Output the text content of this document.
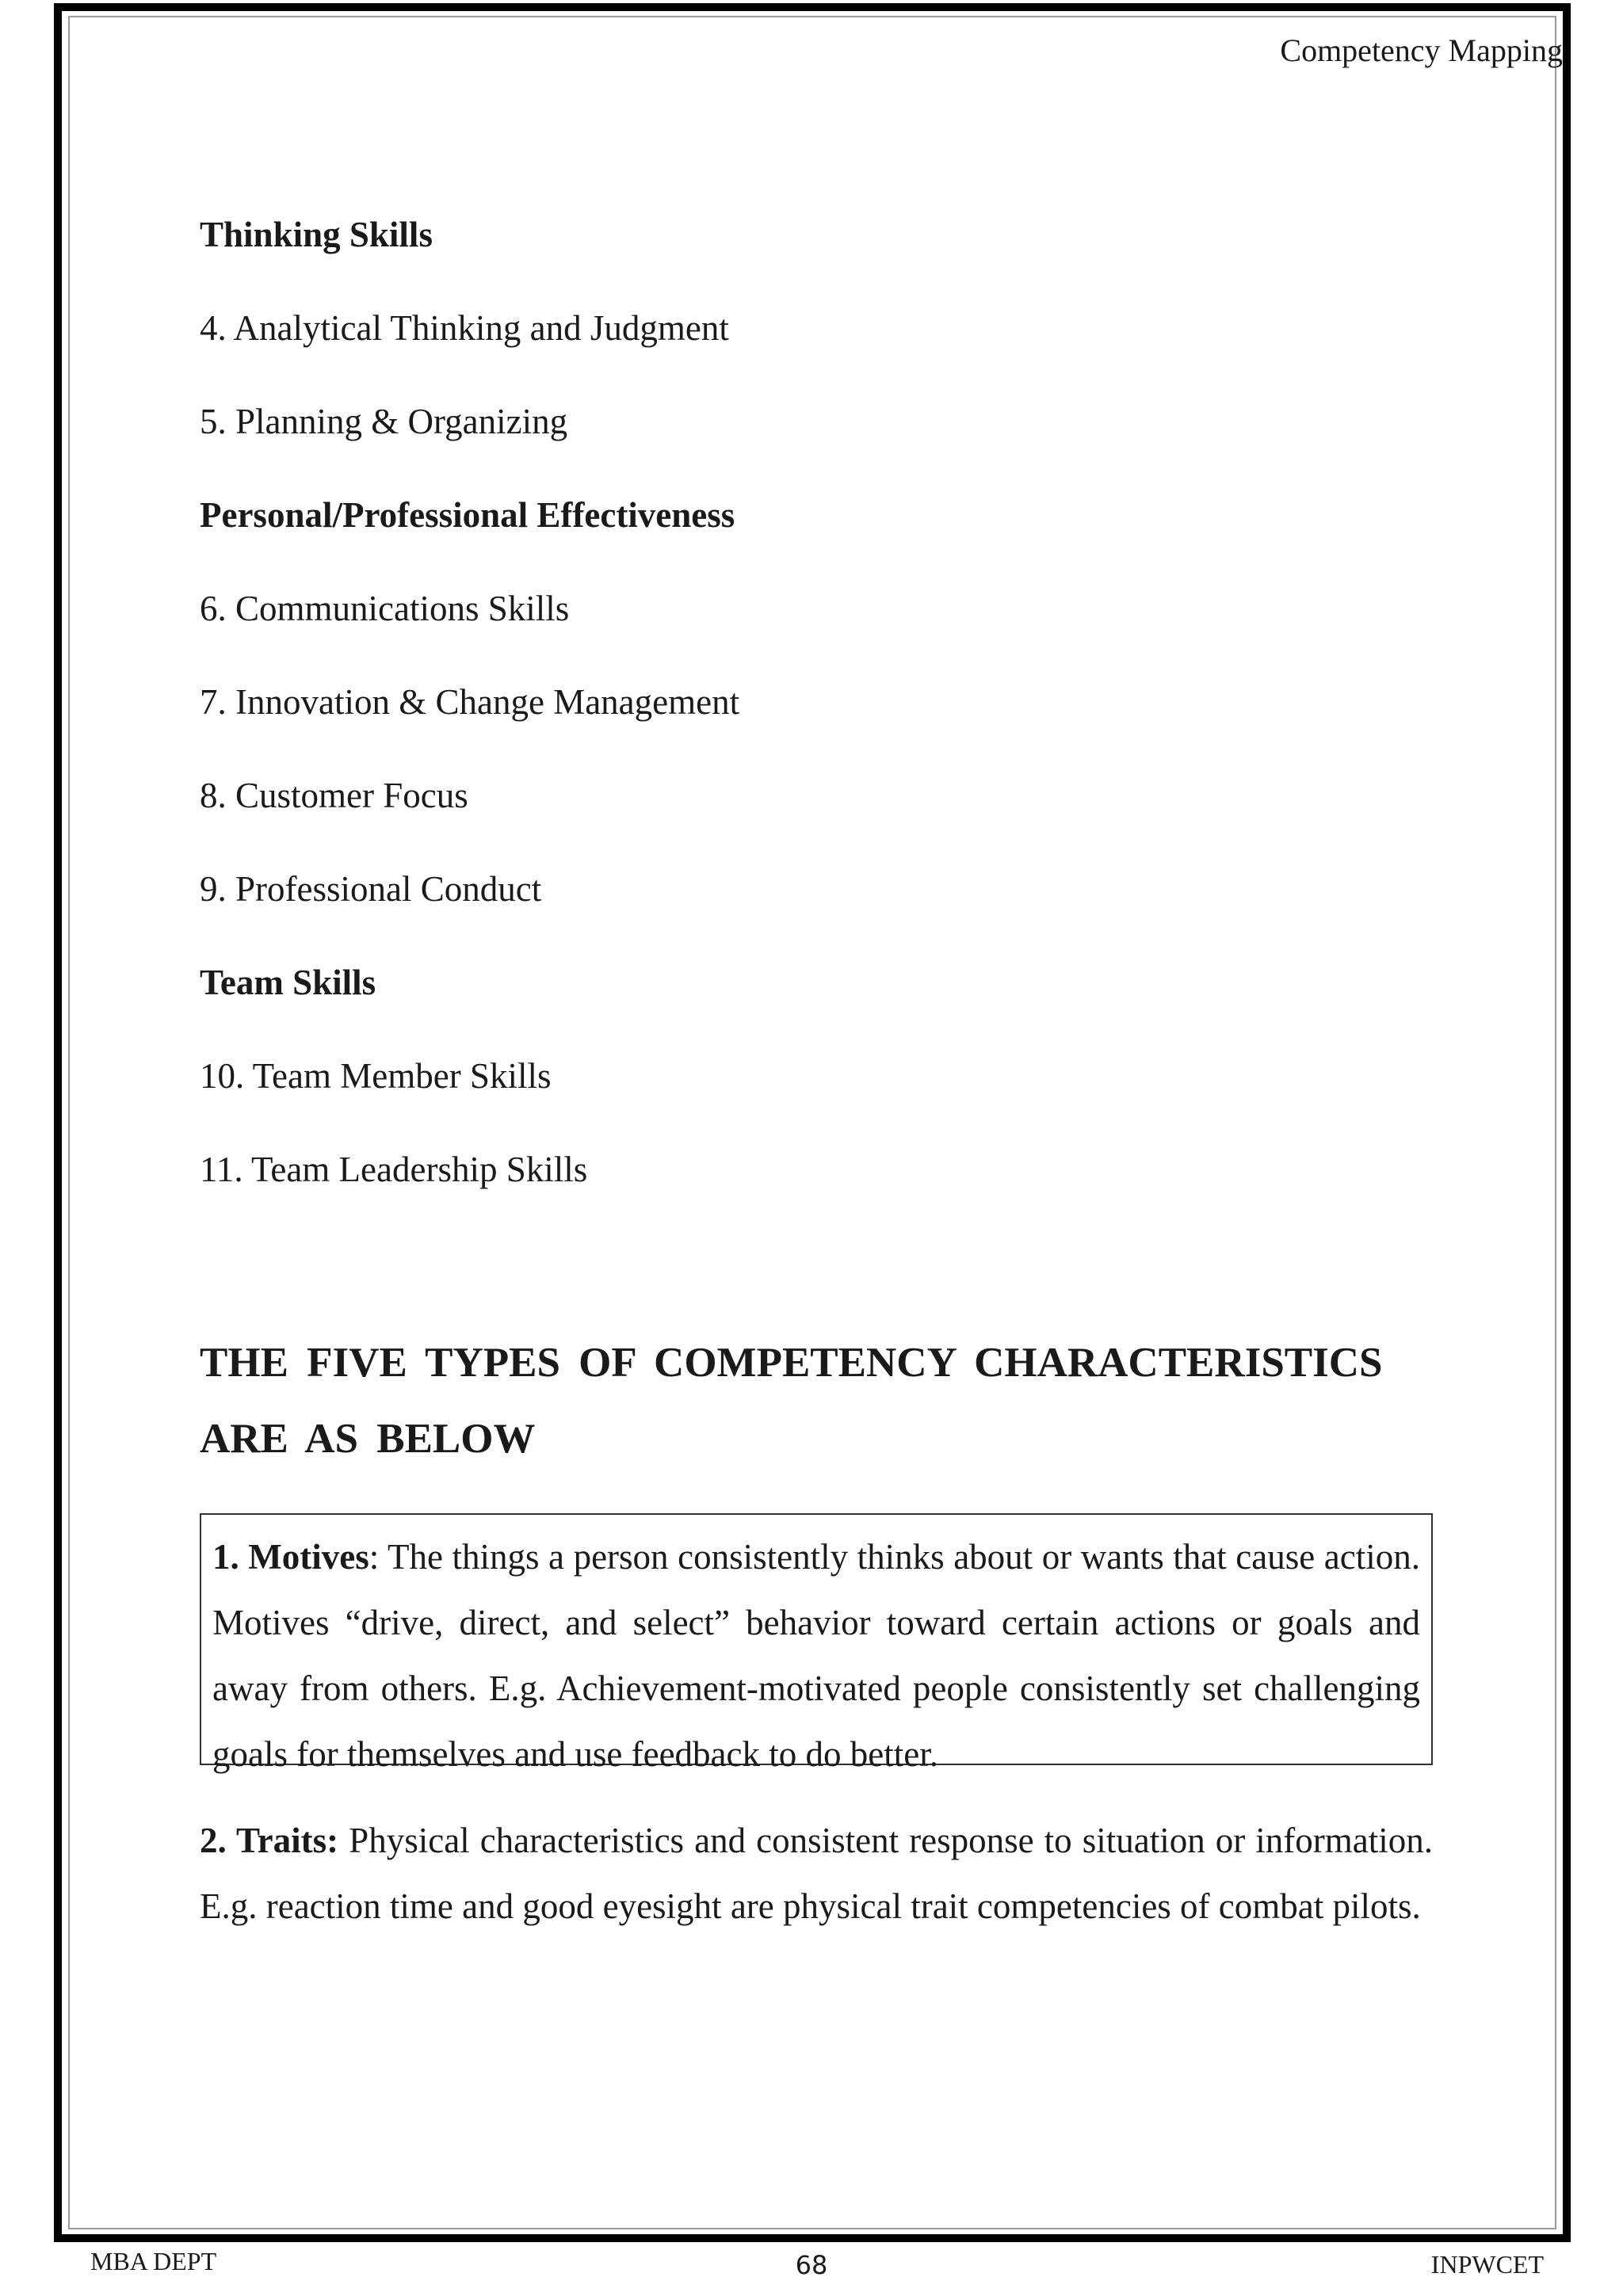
Competency Mapping
Thinking Skills
4. Analytical Thinking and Judgment
5. Planning & Organizing
Personal/Professional Effectiveness
6. Communications Skills
7. Innovation & Change Management
8. Customer Focus
9. Professional Conduct
Team Skills
10. Team Member Skills
11. Team Leadership Skills
THE FIVE TYPES OF COMPETENCY CHARACTERISTICS
ARE AS BELOW

1. Motives: The things a person consistently thinks about or wants that cause action. Motives “drive, direct, and select” behavior toward certain actions or goals and away from others. E.g. Achievement-motivated people consistently set challenging goals for themselves and use feedback to do better.

2. Traits: Physical characteristics and consistent response to situation or information. E.g. reaction time and good eyesight are physical trait competencies of combat pilots.

MBA DEPT	68	INPWCET
